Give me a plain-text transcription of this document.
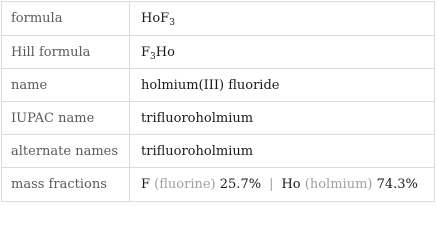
formula	HoF$_3$
Hill formula	$F_3Ho$
name	holmium(III) fluoride
IUPAC name	trifluoroholmium
alternate names	trifluoroholmium
mass fractions	F (fluorine) 25.7% | Ho (holmium) 74.3%
